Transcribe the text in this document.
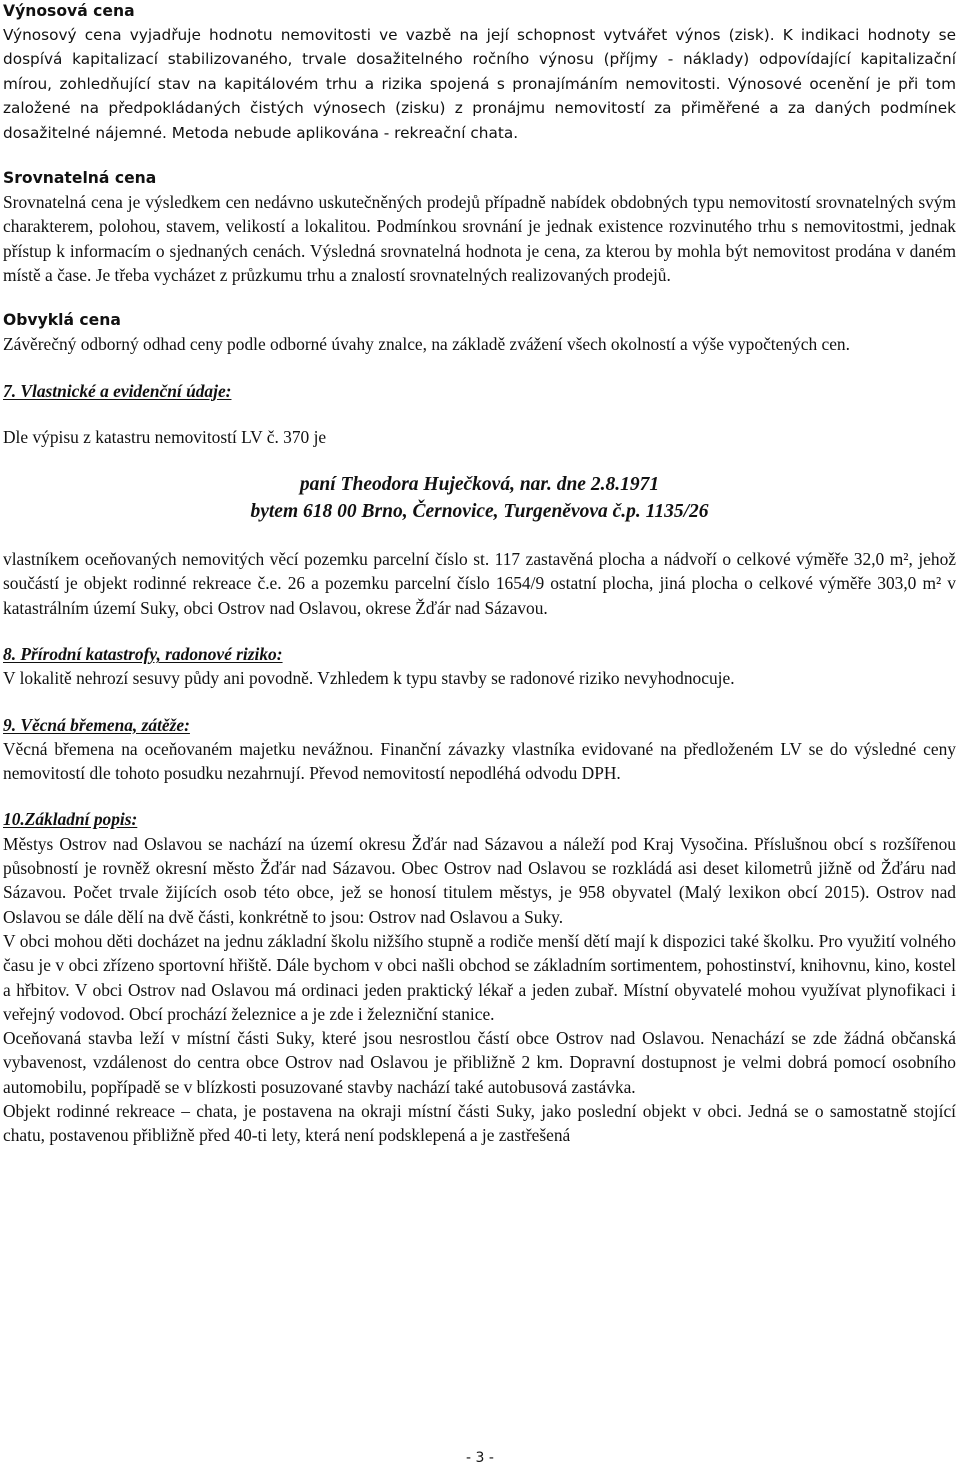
Výnosová cena

Výnosový cena vyjadřuje hodnotu nemovitosti ve vazbě na její schopnost vytvářet výnos (zisk). K indikaci hodnoty se dospívá kapitalizací stabilizovaného, trvale dosažitelného ročního výnosu (příjmy - náklady) odpovídající kapitalizační mírou, zohledňující stav na kapitálovém trhu a rizika spojená s pronajímáním nemovitosti. Výnosové ocenění je při tom založené na předpokládaných čistých výnosech (zisku) z pronájmu nemovitostí za přiměřené a za daných podmínek dosažitelné nájemné. Metoda nebude aplikována - rekreační chata.

Srovnatelná cena

Srovnatelná cena je výsledkem cen nedávno uskutečněných prodejů případně nabídek obdobných typu nemovitostí srovnatelných svým charakterem, polohou, stavem, velikostí a lokalitou. Podmínkou srovnání je jednak existence rozvinutého trhu s nemovitostmi, jednak přístup k informacím o sjednaných cenách. Výsledná srovnatelná hodnota je cena, za kterou by mohla být nemovitost prodána v daném místě a čase. Je třeba vycházet z průzkumu trhu a znalostí srovnatelných realizovaných prodejů.

Obvyklá cena

Závěrečný odborný odhad ceny podle odborné úvahy znalce, na základě zvážení všech okolností a výše vypočtených cen.

7. Vlastnické a evidenční údaje:

Dle výpisu z katastru nemovitostí LV č. 370 je

paní Theodora Huječková, nar. dne 2.8.1971

bytem 618 00 Brno, Černovice, Turgeněvova č.p. 1135/26

vlastníkem oceňovaných nemovitých věcí pozemku parcelní číslo st. 117 zastavěná plocha a nádvoří o celkové výměře 32,0 m², jehož součástí je objekt rodinné rekreace č.e. 26 a pozemku parcelní číslo 1654/9 ostatní plocha, jiná plocha o celkové výměře 303,0 m² v katastrálním území Suky, obci Ostrov nad Oslavou, okrese Žďár nad Sázavou.

8. Přírodní katastrofy, radonové riziko:

V lokalitě nehrozí sesuvy půdy ani povodně. Vzhledem k typu stavby se radonové riziko nevyhodnocuje.

9. Věcná břemena, zátěže:

Věcná břemena na oceňovaném majetku nevážnou. Finanční závazky vlastníka evidované na předloženém LV se do výsledné ceny nemovitostí dle tohoto posudku nezahrnují. Převod nemovitostí nepodléhá odvodu DPH.

10.Základní popis:

Městys Ostrov nad Oslavou se nachází na území okresu Žďár nad Sázavou a náleží pod Kraj Vysočina. Příslušnou obcí s rozšířenou působností je rovněž okresní město Žďár nad Sázavou. Obec Ostrov nad Oslavou se rozkládá asi deset kilometrů jižně od Žďáru nad Sázavou. Počet trvale žijících osob této obce, jež se honosí titulem městys, je 958 obyvatel (Malý lexikon obcí 2015). Ostrov nad Oslavou se dále dělí na dvě části, konkrétně to jsou: Ostrov nad Oslavou a Suky.

V obci mohou děti docházet na jednu základní školu nižšího stupně a rodiče menší dětí mají k dispozici také školku. Pro využití volného času je v obci zřízeno sportovní hřiště. Dále bychom v obci našli obchod se základním sortimentem, pohostinství, knihovnu, kino, kostel a hřbitov. V obci Ostrov nad Oslavou má ordinaci jeden praktický lékař a jeden zubař. Místní obyvatelé mohou využívat plynofikaci i veřejný vodovod. Obcí prochází železnice a je zde i železniční stanice.

Oceňovaná stavba leží v místní části Suky, které jsou nesrostlou částí obce Ostrov nad Oslavou. Nenachází se zde žádná občanská vybavenost, vzdálenost do centra obce Ostrov nad Oslavou je přibližně 2 km. Dopravní dostupnost je velmi dobrá pomocí osobního automobilu, popřípadě se v blízkosti posuzované stavby nachází také autobusová zastávka.

Objekt rodinné rekreace – chata, je postavena na okraji místní části Suky, jako poslední objekt v obci. Jedná se o samostatně stojící chatu, postavenou přibližně před 40-ti lety, která není podsklepená a je zastřešená

- 3 -
